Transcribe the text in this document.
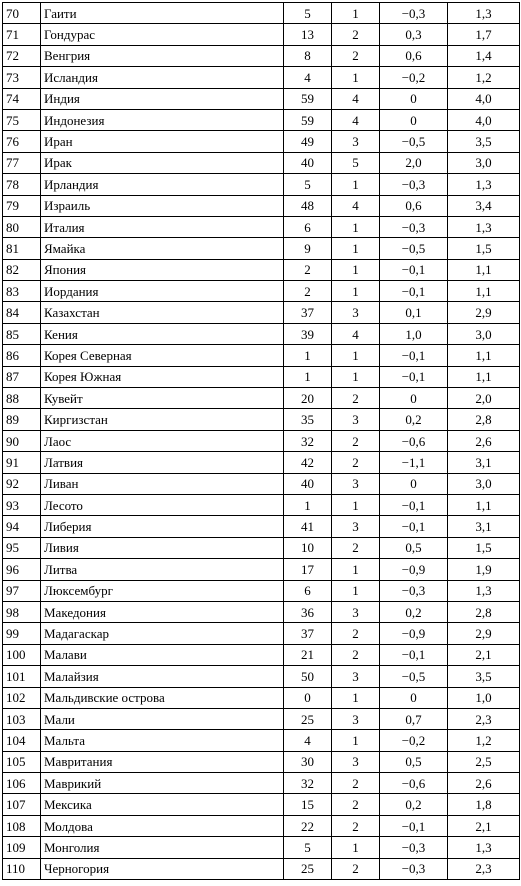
70	Гаити	5	1	−0,3	1,3
71	Гондурас	13	2	0,3	1,7
72	Венгрия	8	2	0,6	1,4
73	Исландия	4	1	−0,2	1,2
74	Индия	59	4	0	4,0
75	Индонезия	59	4	0	4,0
76	Иран	49	3	−0,5	3,5
77	Ирак	40	5	2,0	3,0
78	Ирландия	5	1	−0,3	1,3
79	Израиль	48	4	0,6	3,4
80	Италия	6	1	−0,3	1,3
81	Ямайка	9	1	−0,5	1,5
82	Япония	2	1	−0,1	1,1
83	Иордания	2	1	−0,1	1,1
84	Казахстан	37	3	0,1	2,9
85	Кения	39	4	1,0	3,0
86	Корея Северная	1	1	−0,1	1,1
87	Корея Южная	1	1	−0,1	1,1
88	Кувейт	20	2	0	2,0
89	Киргизстан	35	3	0,2	2,8
90	Лаос	32	2	−0,6	2,6
91	Латвия	42	2	−1,1	3,1
92	Ливан	40	3	0	3,0
93	Лесото	1	1	−0,1	1,1
94	Либерия	41	3	−0,1	3,1
95	Ливия	10	2	0,5	1,5
96	Литва	17	1	−0,9	1,9
97	Люксембург	6	1	−0,3	1,3
98	Македония	36	3	0,2	2,8
99	Мадагаскар	37	2	−0,9	2,9
100	Малави	21	2	−0,1	2,1
101	Малайзия	50	3	−0,5	3,5
102	Мальдивские острова	0	1	0	1,0
103	Мали	25	3	0,7	2,3
104	Мальта	4	1	−0,2	1,2
105	Мавритания	30	3	0,5	2,5
106	Маврикий	32	2	−0,6	2,6
107	Мексика	15	2	0,2	1,8
108	Молдова	22	2	−0,1	2,1
109	Монголия	5	1	−0,3	1,3
110	Черногория	25	2	−0,3	2,3
